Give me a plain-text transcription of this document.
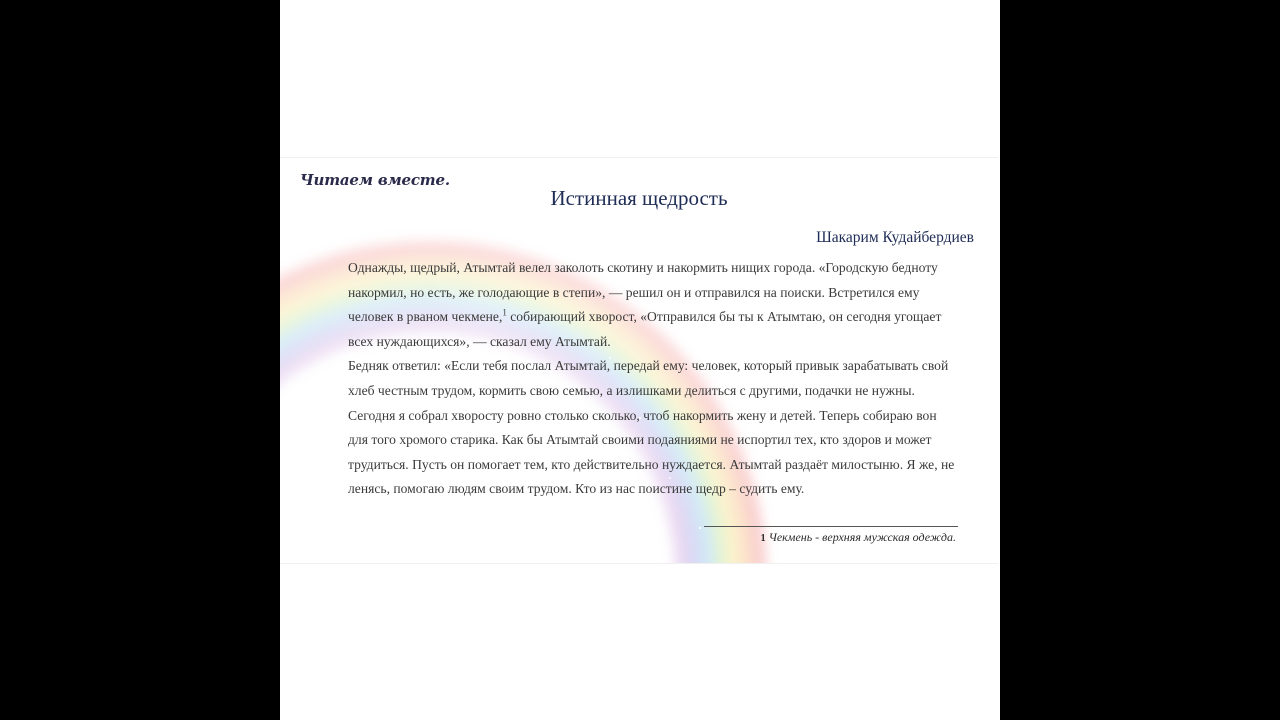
Читаем вместе.
Истинная щедрость
Шакарим Кудайбердиев

Однажды, щедрый, Атымтай велел заколоть скотину и накормить нищих города. «Городскую бедноту накормил, но есть, же голодающие в степи», — решил он и отправился на поиски. Встретился ему человек в рваном чекмене,$^1$ собирающий хворост, «Отправился бы ты к Атымтаю, он сегодня угощает всех нуждающихся», — сказал ему Атымтай.

Бедняк ответил: «Если тебя послал Атымтай, передай ему: человек, который привык зарабатывать свой хлеб честным трудом, кормить свою семью, а излишками делиться с другими, подачки не нужны. Сегодня я собрал хворосту ровно столько сколько, чтоб накормить жену и детей. Теперь собираю вон для того хромого старика. Как бы Атымтай своими подаяниями не испортил тех, кто здоров и может трудиться. Пусть он помогает тем, кто действительно нуждается. Атымтай раздаёт милостыню. Я же, не ленясь, помогаю людям своим трудом. Кто из нас поистине щедр – судить ему.

1 Чекмень - верхняя мужская одежда.
